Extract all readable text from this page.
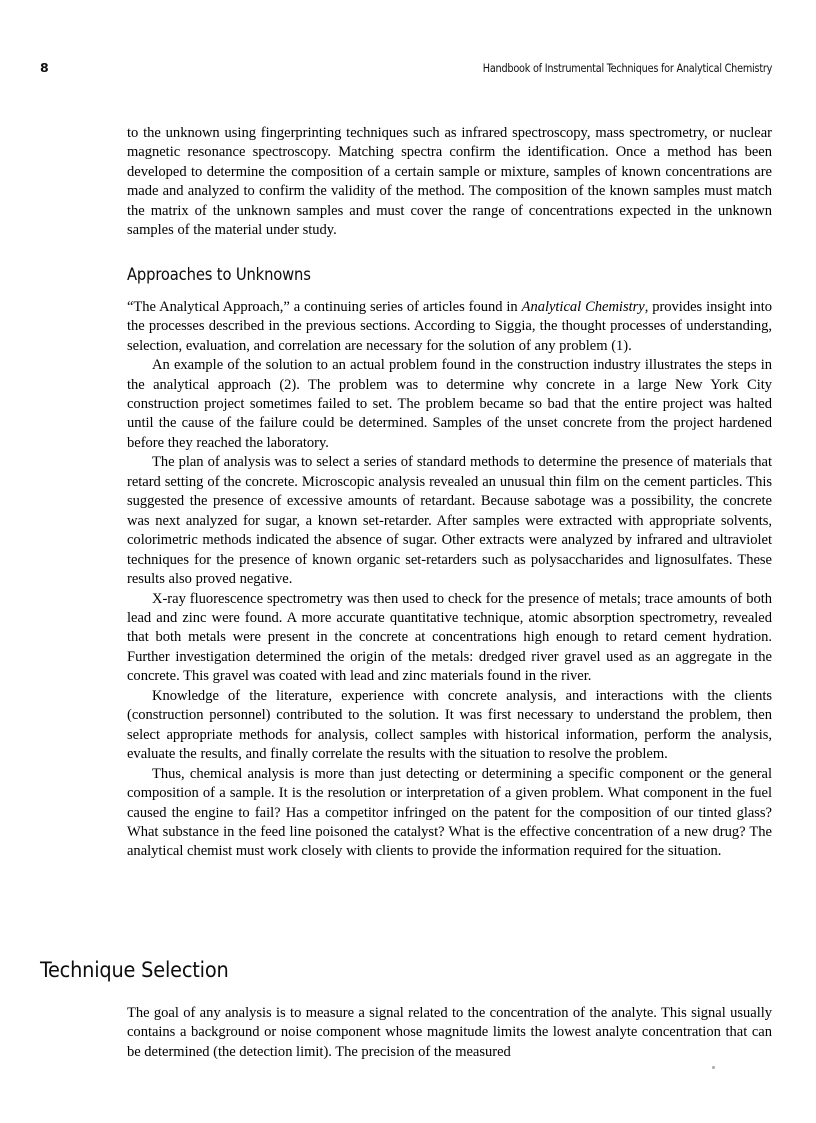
8	Handbook of Instrumental Techniques for Analytical Chemistry

to the unknown using fingerprinting techniques such as infrared spectroscopy, mass spectrometry, or nuclear magnetic resonance spectroscopy. Matching spectra confirm the identification. Once a method has been developed to determine the composition of a certain sample or mixture, samples of known concentrations are made and analyzed to confirm the validity of the method. The composition of the known samples must match the matrix of the unknown samples and must cover the range of concentrations expected in the unknown samples of the material under study.

Approaches to Unknowns

“The Analytical Approach,” a continuing series of articles found in Analytical Chemistry, provides insight into the processes described in the previous sections. According to Siggia, the thought processes of understanding, selection, evaluation, and correlation are necessary for the solution of any problem (1).

An example of the solution to an actual problem found in the construction industry illustrates the steps in the analytical approach (2). The problem was to determine why concrete in a large New York City construction project sometimes failed to set. The problem became so bad that the entire project was halted until the cause of the failure could be determined. Samples of the unset concrete from the project hardened before they reached the laboratory.

The plan of analysis was to select a series of standard methods to determine the presence of materials that retard setting of the concrete. Microscopic analysis revealed an unusual thin film on the cement particles. This suggested the presence of excessive amounts of retardant. Because sabotage was a possibility, the concrete was next analyzed for sugar, a known set-retarder. After samples were extracted with appropriate solvents, colorimetric methods indicated the absence of sugar. Other extracts were analyzed by infrared and ultraviolet techniques for the presence of known organic set-retarders such as polysaccharides and lignosulfates. These results also proved negative.

X-ray fluorescence spectrometry was then used to check for the presence of metals; trace amounts of both lead and zinc were found. A more accurate quantitative technique, atomic absorption spectrometry, revealed that both metals were present in the concrete at concentrations high enough to retard cement hydration. Further investigation determined the origin of the metals: dredged river gravel used as an aggregate in the concrete. This gravel was coated with lead and zinc materials found in the river.

Knowledge of the literature, experience with concrete analysis, and interactions with the clients (construction personnel) contributed to the solution. It was first necessary to understand the problem, then select appropriate methods for analysis, collect samples with historical information, perform the analysis, evaluate the results, and finally correlate the results with the situation to resolve the problem.

Thus, chemical analysis is more than just detecting or determining a specific component or the general composition of a sample. It is the resolution or interpretation of a given problem. What component in the fuel caused the engine to fail? Has a competitor infringed on the patent for the composition of our tinted glass? What substance in the feed line poisoned the catalyst? What is the effective concentration of a new drug? The analytical chemist must work closely with clients to provide the information required for the situation.

Technique Selection

The goal of any analysis is to measure a signal related to the concentration of the analyte. This signal usually contains a background or noise component whose magnitude limits the lowest analyte concentration that can be determined (the detection limit). The precision of the measured
